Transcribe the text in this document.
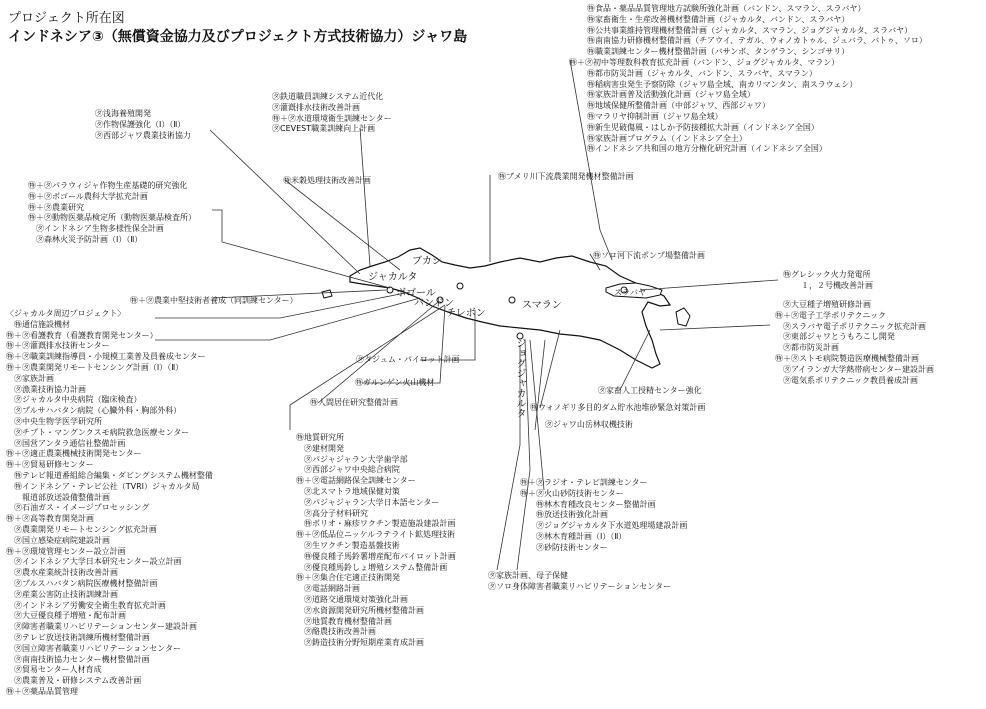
プロジェクト所在図
インドネシア③（無償資金協力及びプロジェクト方式技術協力）ジャワ島
㊕食品・薬品品質管理地方試験所強化計画（バンドン、スマラン、スラバヤ）
㊕家畜衛生・生産改善機材整備計画（ジャカルタ、バンドン、スラバヤ）
㊕公共事業維持管理機材整備計画（ジャカルタ、スマラン、ジョグジャカルタ、スラバヤ）
㊕南南協力研修機材整備計画（チアウイ、テガル、ウォノカトゥル、ジュバラ、バトゥ、ソロ）
㊕職業訓練センター機材整備計画（バサンボ、タンゲラン、シンゴサリ）
㊕＋㋟初中等理数科教育拡充計画（バンドン、ジョグジャカルタ、マラン）
㊕都市防災計画（ジャカルタ、バンドン、スラバヤ、スマラン）
㊕稲病害虫発生予察防除（ジャワ島全域、南カリマンタン、南スラウェシ）
㊕家族計画普及活動強化計画（ジャワ島全域）
㊕地域保健所整備計画（中部ジャワ、西部ジャワ）
㊕マラリヤ抑制計画（ジャワ島全域）
㊕新生児破傷風・はしか予防接種拡大計画（インドネシア全国）
㊕家族計画プログラム（インドネシア全土）
㊕インドネシア共和国の地方分権化研究計画（インドネシア全国）
㋟鉄道職員訓練システム近代化
㋟灌漑排水技術改善計画
㊕＋㋟水道環境衛生訓練センター
㋟CEVEST職業訓練向上計画
㋟浅海養殖開発
㋟作物保護強化（Ⅰ）（Ⅱ）
㋟西部ジャワ農業技術協力
㊕＋㋟パラウィジャ作物生産基礎的研究強化
㊕＋㋟ボゴール農科大学拡充計画
㊕＋㋟農業研究
㊕＋㋟動物医薬品検定所（動物医薬品検査所）
　㋟インドネシア生物多様性保全計画
　㋟森林火災予防計画（Ⅰ）（Ⅱ）
㊕米穀処理技術改善計画	㊕ブメリ川下流農業開発機材整備計画
㊕ソロ河下流ポンプ場整備計画
㊕グレシック火力発電所
１，２号機改善計画
㊕＋㋟農業中堅技術者養成（同訓練センター）
〈ジャカルタ周辺プロジェクト〉
　㊕通信施設機材
㊕＋㋟看護教育（看護教育開発センター）
㊕＋㋟灌漑排水技術センター
㊕＋㋟職業訓練指導員・小規模工業普及員養成センター
㊕＋㋟農業開発リモートセンシング計画（Ⅰ）（Ⅱ）
　㋟家族計画
　㋟漁業技術協力計画
　㋟ジャカルタ中央病院（臨床検査）
　㋟プルサハバタン病院（心臓外科・胸部外科）
　㋟中央生物学医学研究所
　㋟チプト・マングンクスモ病院救急医療センター
　㋟国営アンタラ通信社整備計画
㊕＋㋟適正農業機械技術開発センター
㊕＋㋟貿易研修センター
　㊕テレビ報道番組総合編集・ダビングシステム機材整備
　㊕インドネシア・テレビ公社（TVRI）ジャカルタ局
　　報道部放送設備整備計画
　㋟石油ガス・イメージプロセッシング
㊕＋㋟高等教育開発計画
　㋟農業開発リモートセンシング拡充計画
　㋟国立感染症病院建設計画
㊕＋㋟環境管理センター設立計画
　㋟インドネシア大学日本研究センター設立計画
　㋟農水産業統計技術改善計画
　㋟プルスハバタン病院医療機材整備計画
　㋟産業公害防止技術訓練計画
　㋟インドネシア労働安全衛生教育拡充計画
　㋟大豆優良種子増殖・配布計画
　㋟障害者職業リハビリテーションセンター建設計画
　㋟テレビ放送技術訓練所機材整備計画
　㋟国立障害者職業リハビリテーションセンター
　㋟南南技術協力センター機材整備計画
　㋟貿易センター人材育成
　㋟農業普及・研修システム改善計画
㊕＋㋟薬品品質管理
㋟タジュム・パイロット計画
㊕ガルンゲン火山機材
㊕人間居住研究整備計画
㊕地質研究所
　㋟建材開発
　㋟パジャジャラン大学歯学部
　㋟西部ジャワ中央総合病院
㊕＋㋟電話網路保全訓練センター
　㋟北スマトラ地域保健対策
　㋟パジャジャラン大学日本語センター
　㋟高分子材料研究
　㊕ボリオ・麻疹ワクチン製造施設建設計画
㊕＋㋟低品位ニッケルラテライト鉱処理技術
　㋟生ワクチン製造基盤技術
　㊕優良種子馬鈴薯増産配布パイロット計画
　㋟優良種馬鈴しょ増殖システム整備計画
㊕＋㋟集合住宅適正技術開発
　㋟電話網路計画
　㋟道路交通環境対策強化計画
　㋟水資源開発研究所機材整備計画
　㋟地質教育機材整備計画
　㋟酪農技術改善計画
　㋟鋳造技術分野短期産業育成計画
㋟家族計画、母子保健
㋟ソロ身体障害者職業リハビリテーションセンター
㊕＋㋟ラジオ・テレビ訓練センター
㊕＋㋟火山砂防技術センター
　　㊕林木育種改良センター整備計画
　　㊕放送技術強化計画
　　㋟ジョグジャカルタ下水道処理場建設計画
　　㋟林木育種計画（Ⅰ）（Ⅱ）
　　㋟砂防技術センター
　㋟大豆種子増殖研修計画
㊕＋㋟電子工学ポリテクニック
　㋟スラバヤ電子ポリテクニック拡充計画
　㋟東部ジャワとうもろこし開発
　㋟都市防災計画
㊕＋㋟ストモ病院製造医療機械整備計画
　㋟アイランガ大学熱帯病センター建設計画
　㋟電気系ポリテクニック教員養成計画
㋟家畜人工授精センター強化
㊕ウォノギリ多目的ダム貯水池堆砂緊急対策計画
㋟ジャワ山岳林収機技術
ブカシ
ジャカルタ
ボゴール
バンドン
チレボン
スマラン
スラバヤ
ジョグジャカルタ
